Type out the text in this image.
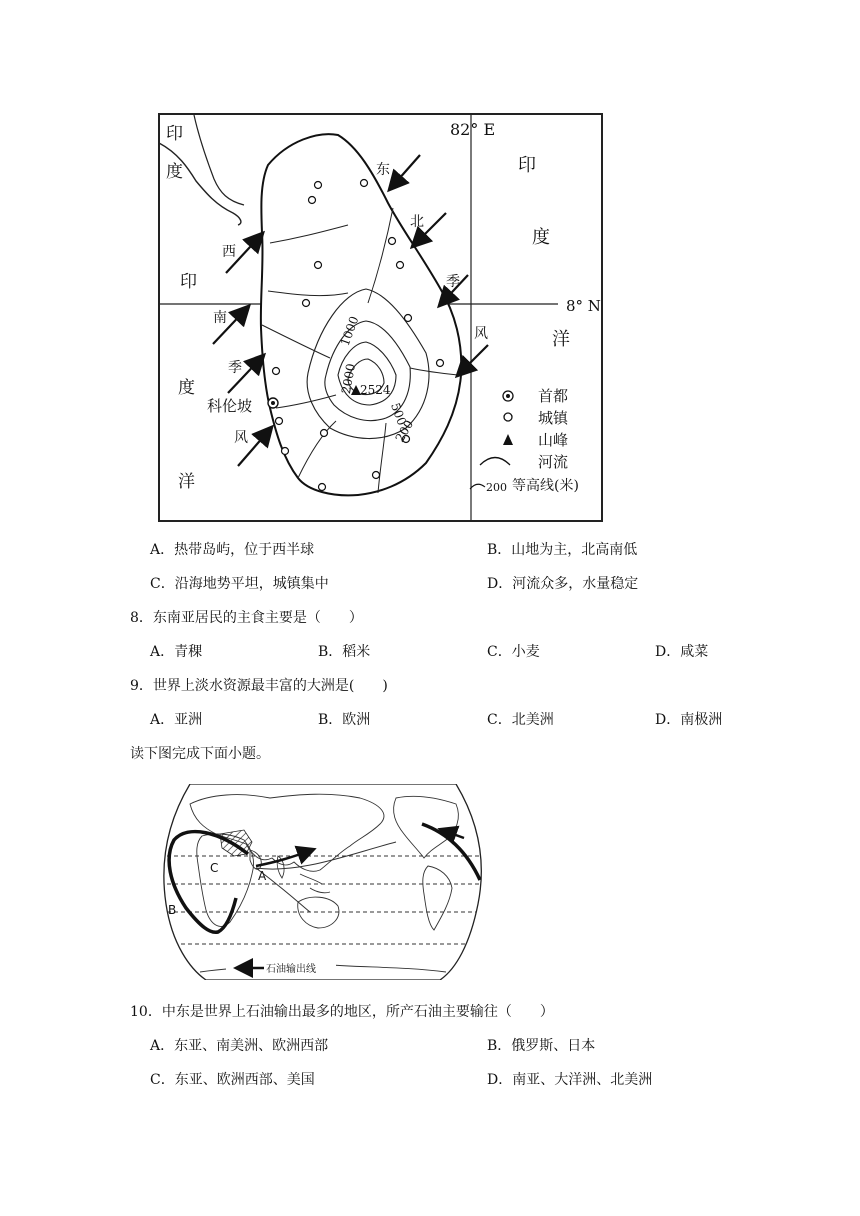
82° E
8° N
印
度
印
度
洋
印
度
洋
东
北
季
风
西
南
季
风
科伦坡
2524
1000
2000
500
200
首都
城镇
山峰
河流
200 等高线(米)
A．热带岛屿，位于西半球	B．山地为主，北高南低
C．沿海地势平坦，城镇集中	D．河流众多，水量稳定
8．东南亚居民的主食主要是（　　）
A．青稞	B．稻米	C．小麦	D．咸菜
9．世界上淡水资源最丰富的大洲是(　　)
A．亚洲	B．欧洲	C．北美洲	D．南极洲
读下图完成下面小题。
C
A
B
石油输出线
10．中东是世界上石油输出最多的地区，所产石油主要输往（　　）
A．东亚、南美洲、欧洲西部	B．俄罗斯、日本
C．东亚、欧洲西部、美国	D．南亚、大洋洲、北美洲
